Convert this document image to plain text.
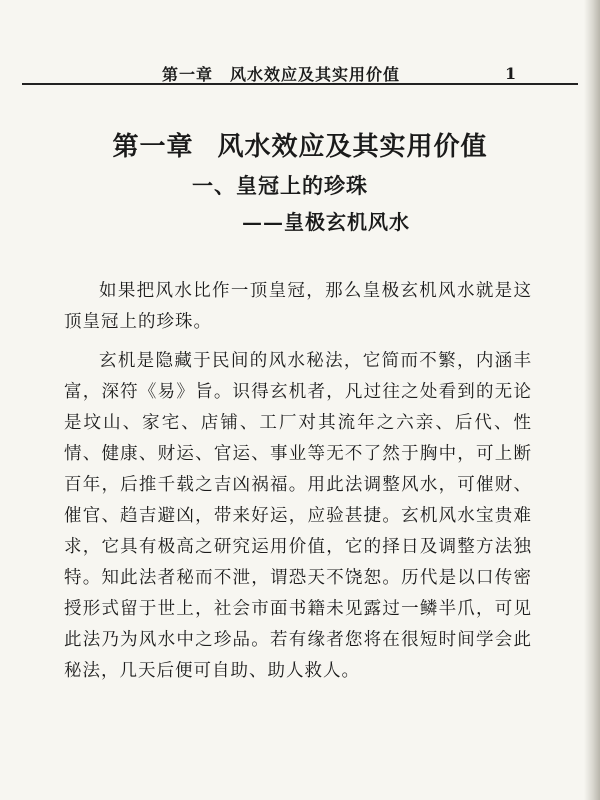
第一章　风水效应及其实用价值	1
第一章 风水效应及其实用价值
一、皇冠上的珍珠
——皇极玄机风水

如果把风水比作一顶皇冠，那么皇极玄机风水就是这顶皇冠上的珍珠。

玄机是隐藏于民间的风水秘法，它简而不繁，内涵丰富，深符《易》旨。识得玄机者，凡过往之处看到的无论是坟山、家宅、店铺、工厂对其流年之六亲、后代、性情、健康、财运、官运、事业等无不了然于胸中，可上断百年，后推千载之吉凶祸福。用此法调整风水，可催财、催官、趋吉避凶，带来好运，应验甚捷。玄机风水宝贵难求，它具有极高之研究运用价值，它的择日及调整方法独特。知此法者秘而不泄，谓恐天不饶恕。历代是以口传密授形式留于世上，社会市面书籍未见露过一鳞半爪，可见此法乃为风水中之珍品。若有缘者您将在很短时间学会此秘法，几天后便可自助、助人救人。
